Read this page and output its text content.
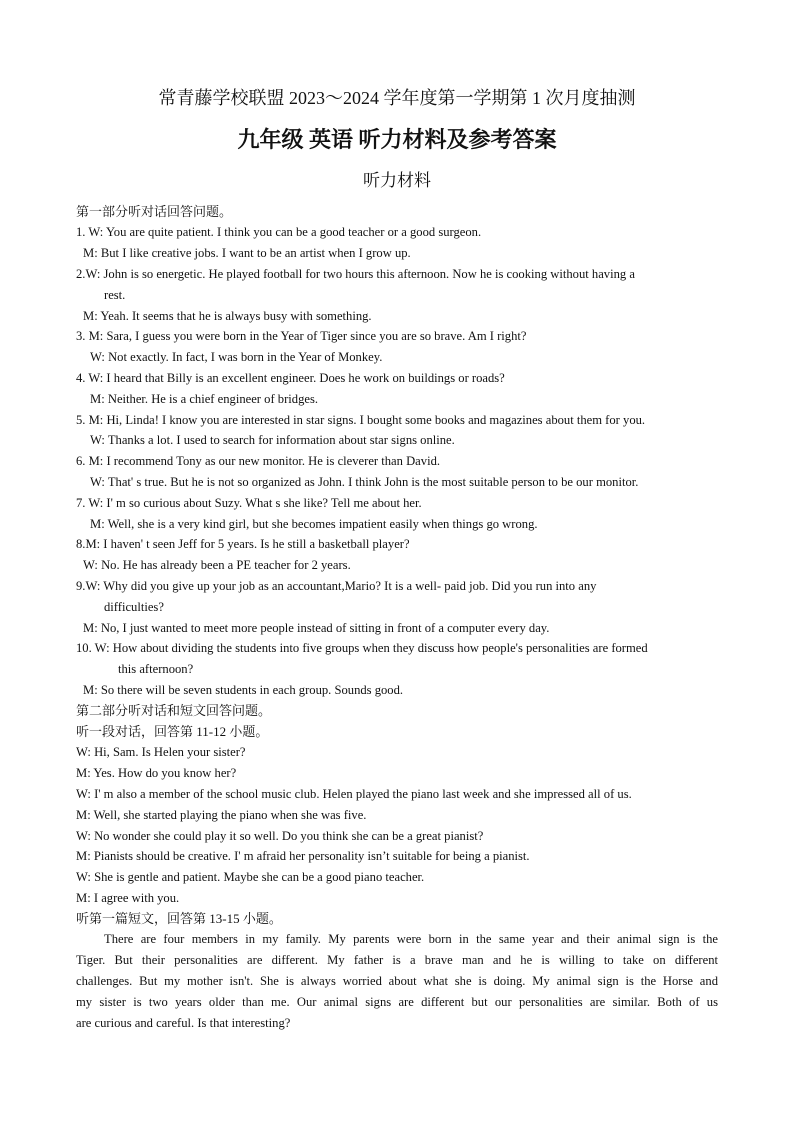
常青藤学校联盟 2023～2024 学年度第一学期第 1 次月度抽测
九年级 英语 听力材料及参考答案
听力材料
第一部分听对话回答问题。
1. W: You are quite patient. I think you can be a good teacher or a good surgeon.
M: But I like creative jobs. I want to be an artist when I grow up.
2.W: John is so energetic. He played football for two hours this afternoon. Now he is cooking without having a
rest.
M: Yeah. It seems that he is always busy with something.
3. M: Sara, I guess you were born in the Year of Tiger since you are so brave. Am I right?
W: Not exactly. In fact, I was born in the Year of Monkey.
4. W: I heard that Billy is an excellent engineer. Does he work on buildings or roads?
M: Neither. He is a chief engineer of bridges.
5. M: Hi, Linda! I know you are interested in star signs. I bought some books and magazines about them for you.
W: Thanks a lot. I used to search for information about star signs online.
6. M: I recommend Tony as our new monitor. He is cleverer than David.
W: That' s true. But he is not so organized as John. I think John is the most suitable person to be our monitor.
7. W: I' m so curious about Suzy. What s she like? Tell me about her.
M: Well, she is a very kind girl, but she becomes impatient easily when things go wrong.
8.M: I haven' t seen Jeff for 5 years. Is he still a basketball player?
W: No. He has already been a PE teacher for 2 years.
9.W: Why did you give up your job as an accountant,Mario? It is a well- paid job. Did you run into any
difficulties?
M: No, I just wanted to meet more people instead of sitting in front of a computer every day.
10. W: How about dividing the students into five groups when they discuss how people's personalities are formed
this afternoon?
M: So there will be seven students in each group. Sounds good.
第二部分听对话和短文回答问题。
听一段对话，回答第 11-12 小题。
W: Hi, Sam. Is Helen your sister?
M: Yes. How do you know her?
W: I' m also a member of the school music club. Helen played the piano last week and she impressed all of us.
M: Well, she started playing the piano when she was five.
W: No wonder she could play it so well. Do you think she can be a great pianist?
M: Pianists should be creative. I' m afraid her personality isn’t suitable for being a pianist.
W: She is gentle and patient. Maybe she can be a good piano teacher.
M: I agree with you.
听第一篇短文，回答第 13-15 小题。
There are four members in my family. My parents were born in the same year and their animal sign is the
Tiger. But their personalities are different. My father is a brave man and he is willing to take on different
challenges. But my mother isn't. She is always worried about what she is doing. My animal sign is the Horse and
my sister is two years older than me. Our animal signs are different but our personalities are similar. Both of us
are curious and careful. Is that interesting?
